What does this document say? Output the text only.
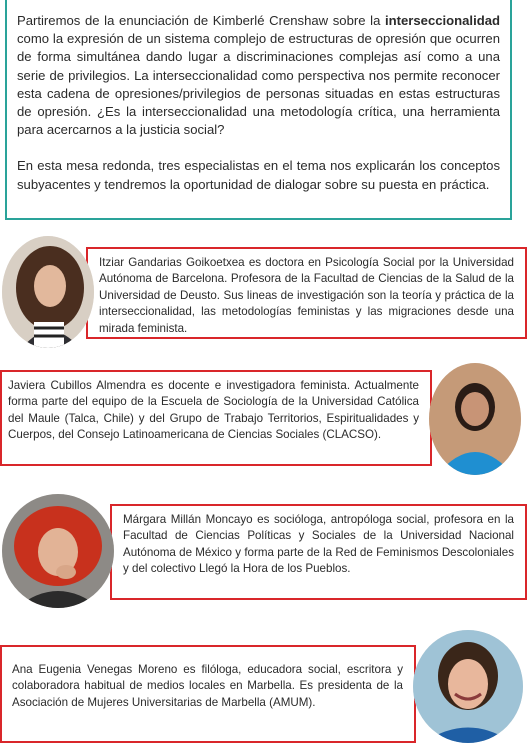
Partiremos de la enunciación de Kimberlé Crenshaw sobre la interseccionalidad como la expresión de un sistema complejo de estructuras de opresión que ocurren de forma simultánea dando lugar a discriminaciones complejas así como a una serie de privilegios. La interseccionalidad como perspectiva nos permite reconocer esta cadena de opresiones/privilegios de personas situadas en estas estructuras de opresión. ¿Es la interseccionalidad una metodología crítica, una herramienta para acercarnos a la justicia social?

En esta mesa redonda, tres especialistas en el tema nos explicarán los conceptos subyacentes y tendremos la oportunidad de dialogar sobre su puesta en práctica.

Itziar Gandarias Goikoetxea es doctora en Psicología Social por la Universidad Autónoma de Barcelona. Profesora de la Facultad de Ciencias de la Salud de la Universidad de Deusto. Sus lineas de investigación son la teoría y práctica de la interseccionalidad, las metodologías feministas y las migraciones desde una mirada feminista.
Javiera Cubillos Almendra es docente e investigadora feminista. Actualmente forma parte del equipo de la Escuela de Sociología de la Universidad Católica del Maule (Talca, Chile) y del Grupo de Trabajo Territorios, Espiritualidades y Cuerpos, del Consejo Latinoamericana de Ciencias Sociales (CLACSO).
Márgara Millán Moncayo es socióloga, antropóloga social, profesora en la Facultad de Ciencias Políticas y Sociales de la Universidad Nacional Autónoma de México y forma parte de la Red de Feminismos Descoloniales y del colectivo Llegó la Hora de los Pueblos.
Ana Eugenia Venegas Moreno es filóloga, educadora social, escritora y colaboradora habitual de medios locales en Marbella. Es presidenta de la Asociación de Mujeres Universitarias de Marbella (AMUM).
